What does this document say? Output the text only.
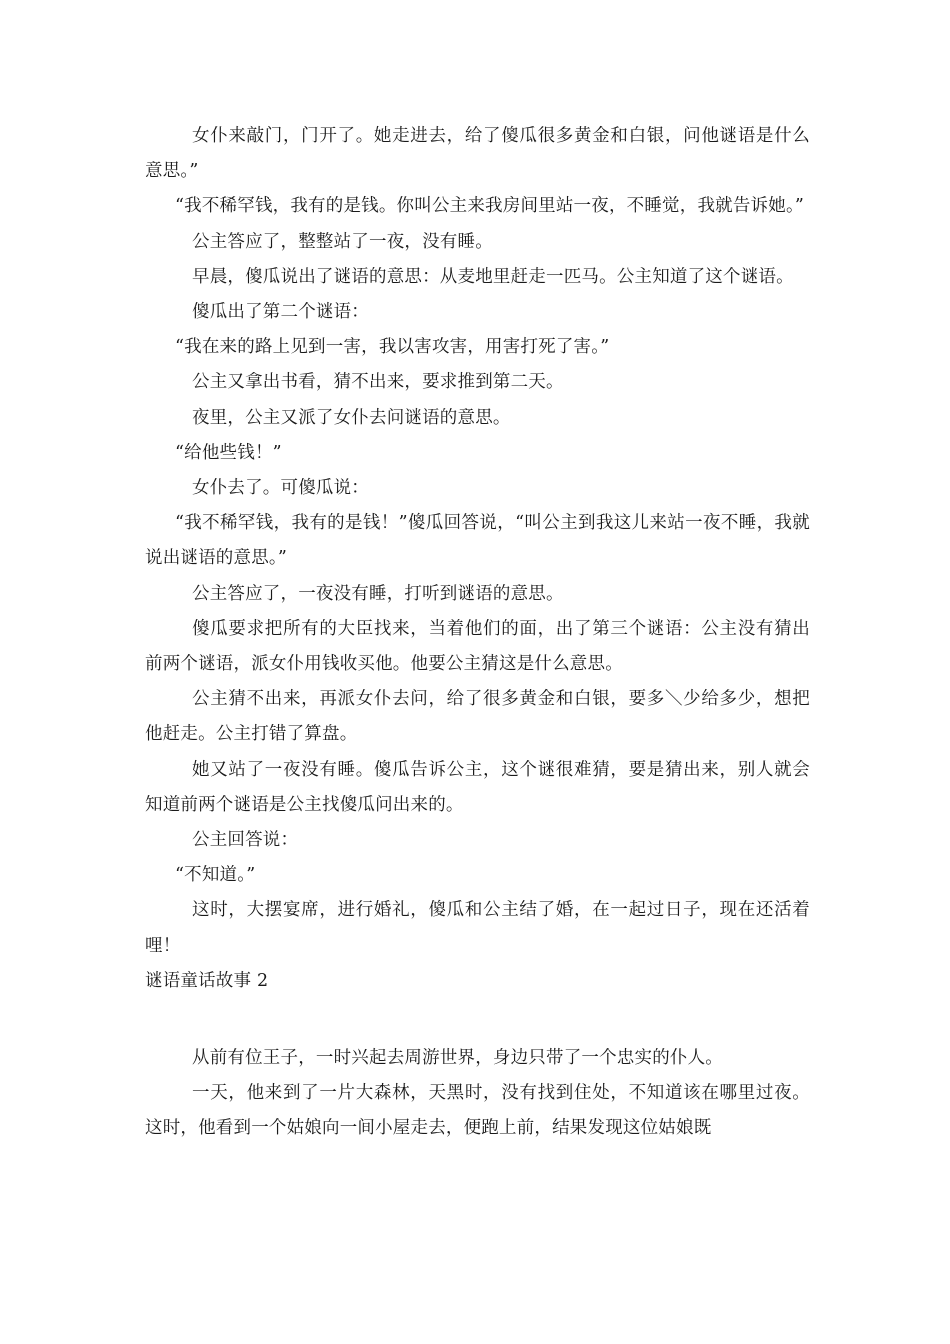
女仆来敲门，门开了。她走进去，给了傻瓜很多黄金和白银，问他谜语是什么意思。”

“我不稀罕钱，我有的是钱。你叫公主来我房间里站一夜，不睡觉，我就告诉她。”

公主答应了，整整站了一夜，没有睡。

早晨，傻瓜说出了谜语的意思：从麦地里赶走一匹马。公主知道了这个谜语。

傻瓜出了第二个谜语：

“我在来的路上见到一害，我以害攻害，用害打死了害。”

公主又拿出书看，猜不出来，要求推到第二天。

夜里，公主又派了女仆去问谜语的意思。

“给他些钱！”

女仆去了。可傻瓜说：

“我不稀罕钱，我有的是钱！”傻瓜回答说，“叫公主到我这儿来站一夜不睡，我就说出谜语的意思。”

公主答应了，一夜没有睡，打听到谜语的意思。

傻瓜要求把所有的大臣找来，当着他们的面，出了第三个谜语：公主没有猜出前两个谜语，派女仆用钱收买他。他要公主猜这是什么意思。

公主猜不出来，再派女仆去问，给了很多黄金和白银，要多＼少给多少，想把他赶走。公主打错了算盘。

她又站了一夜没有睡。傻瓜告诉公主，这个谜很难猜，要是猜出来，别人就会知道前两个谜语是公主找傻瓜问出来的。

公主回答说：

“不知道。”

这时，大摆宴席，进行婚礼，傻瓜和公主结了婚，在一起过日子，现在还活着哩！

谜语童话故事 2

从前有位王子，一时兴起去周游世界，身边只带了一个忠实的仆人。

一天，他来到了一片大森林，天黑时，没有找到住处，不知道该在哪里过夜。这时，他看到一个姑娘向一间小屋走去，便跑上前，结果发现这位姑娘既
